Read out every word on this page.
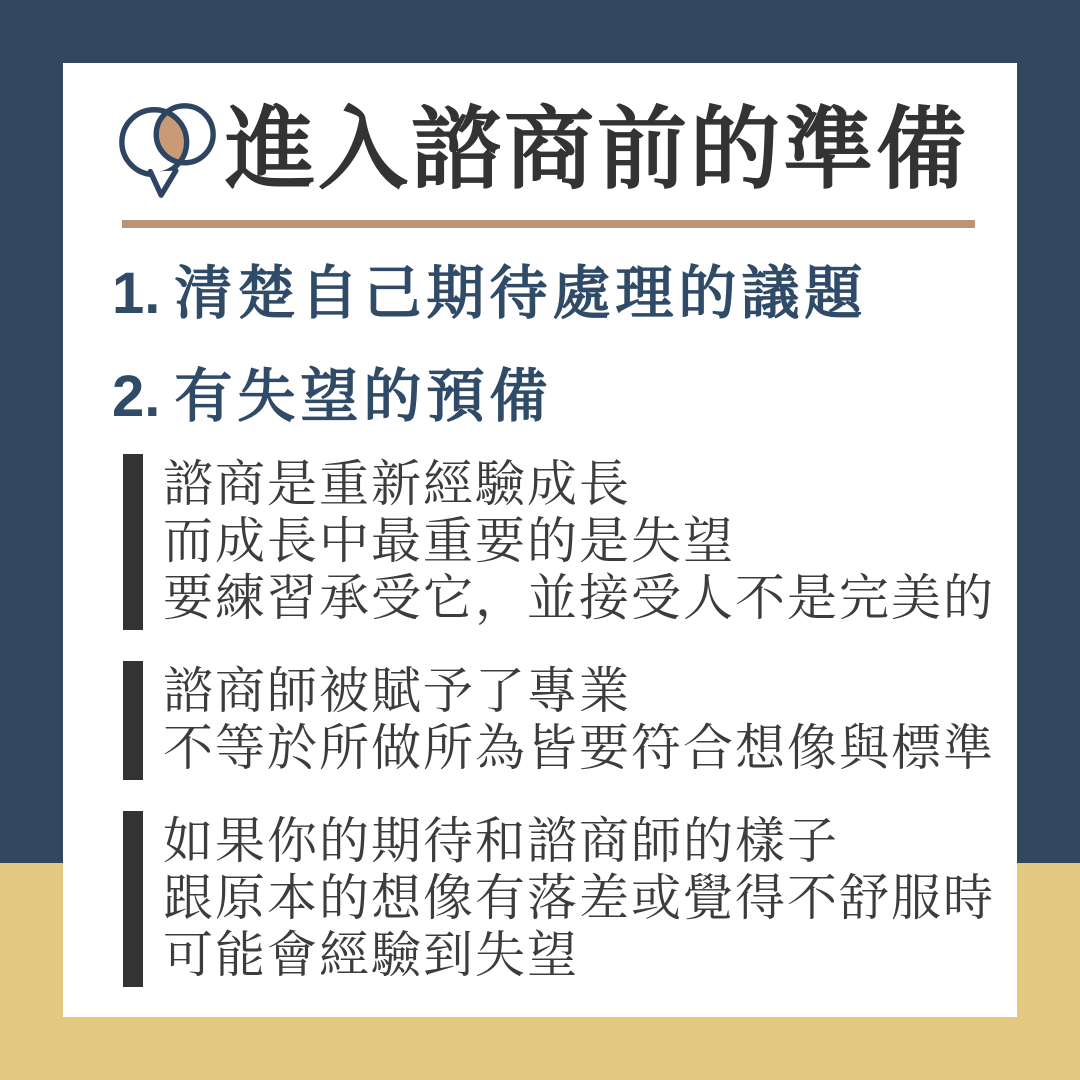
進入諮商前的準備
1. 清楚自己期待處理的議題
2. 有失望的預備
諮商是重新經驗成長
而成長中最重要的是失望
要練習承受它，並接受人不是完美的
諮商師被賦予了專業
不等於所做所為皆要符合想像與標準
如果你的期待和諮商師的樣子
跟原本的想像有落差或覺得不舒服時
可能會經驗到失望
